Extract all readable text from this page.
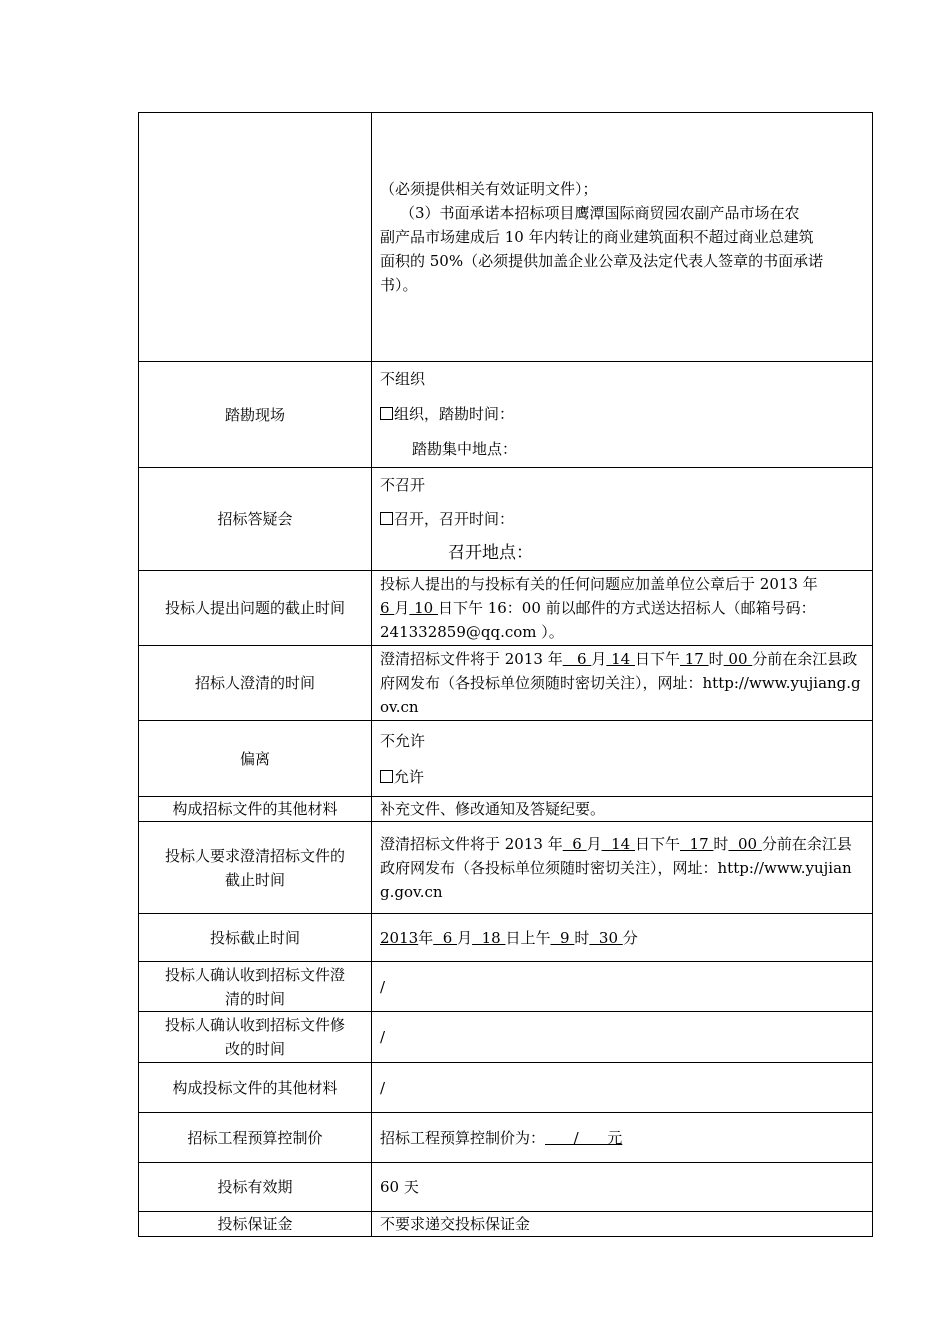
	（必须提供相关有效证明文件）；
（3）书面承诺本招标项目鹰潭国际商贸园农副产品市场在农
副产品市场建成后 10 年内转让的商业建筑面积不超过商业总建筑
面积的 50%（必须提供加盖企业公章及法定代表人签章的书面承诺
书）。

踏勘现场	不组织
组织，踏勘时间：
踏勘集中地点：

招标答疑会	不召开
召开，召开时间：
召开地点：

投标人提出问题的截止时间	投标人提出的与投标有关的任何问题应加盖单位公章后于 2013 年
6 月 10 日下午 16：00 前以邮件的方式送达招标人（邮箱号码：
241332859@qq.com ）。
招标人澄清的时间	澄清招标文件将于 2013 年   6 月 14 日下午 17 时 00 分前在余江县政府网发布（各投标单位须随时密切关注），网址：http://www.yujiang.gov.cn
偏离	不允许
允许

构成招标文件的其他材料	补充文件、修改通知及答疑纪要。

投标人要求澄清招标文件的
截止时间	澄清招标文件将于 2013 年  6 月  14 日下午  17 时  00 分前在余江县政府网发布（各投标单位须随时密切关注），网址：http://www.yujiang.gov.cn
投标截止时间	2013年  6 月  18 日上午  9 时  30 分

投标人确认收到招标文件澄
清的时间	/

投标人确认收到招标文件修
改的时间	/
构成投标文件的其他材料	/
招标工程预算控制价	招标工程预算控制价为：      /      元
投标有效期	60 天
投标保证金	不要求递交投标保证金
